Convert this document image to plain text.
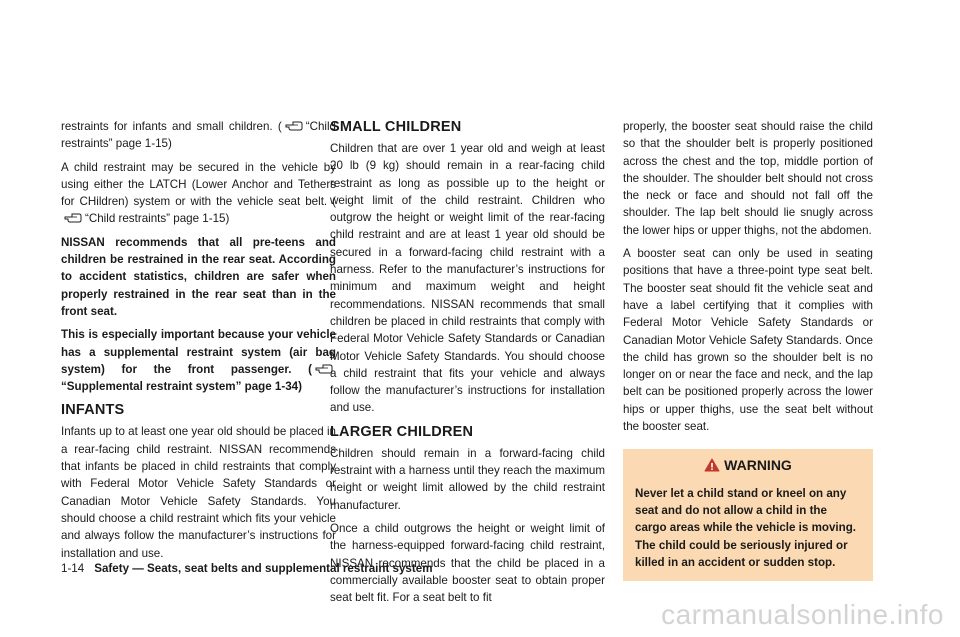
restraints for infants and small children. ( “Child restraints” page 1-15)

A child restraint may be secured in the vehicle by using either the LATCH (Lower Anchor and Tethers for CHildren) system or with the vehicle seat belt. (“Child restraints” page 1-15)

NISSAN recommends that all pre-teens and children be restrained in the rear seat. According to accident statistics, children are safer when properly restrained in the rear seat than in the front seat.

This is especially important because your vehicle has a supplemental restraint system (air bag system) for the front passenger. (“Supplemental restraint system” page 1-34)

INFANTS

Infants up to at least one year old should be placed in a rear-facing child restraint. NISSAN recommends that infants be placed in child restraints that comply with Federal Motor Vehicle Safety Standards or Canadian Motor Vehicle Safety Standards. You should choose a child restraint which fits your vehicle and always follow the manufacturer’s instructions for installation and use.

SMALL CHILDREN

Children that are over 1 year old and weigh at least 20 lb (9 kg) should remain in a rear-facing child restraint as long as possible up to the height or weight limit of the child restraint. Children who outgrow the height or weight limit of the rear-facing child restraint and are at least 1 year old should be secured in a forward-facing child restraint with a harness. Refer to the manufacturer’s instructions for minimum and maximum weight and height recommendations. NISSAN recommends that small children be placed in child restraints that comply with Federal Motor Vehicle Safety Standards or Canadian Motor Vehicle Safety Standards. You should choose a child restraint that fits your vehicle and always follow the manufacturer’s instructions for installation and use.

LARGER CHILDREN

Children should remain in a forward-facing child restraint with a harness until they reach the maximum height or weight limit allowed by the child restraint manufacturer.

Once a child outgrows the height or weight limit of the harness-equipped forward-facing child restraint, NISSAN recommends that the child be placed in a commercially available booster seat to obtain proper seat belt fit. For a seat belt to fit

properly, the booster seat should raise the child so that the shoulder belt is properly positioned across the chest and the top, middle portion of the shoulder. The shoulder belt should not cross the neck or face and should not fall off the shoulder. The lap belt should lie snugly across the lower hips or upper thighs, not the abdomen.

A booster seat can only be used in seating positions that have a three-point type seat belt. The booster seat should fit the vehicle seat and have a label certifying that it complies with Federal Motor Vehicle Safety Standards or Canadian Motor Vehicle Safety Standards. Once the child has grown so the shoulder belt is no longer on or near the face and neck, and the lap belt can be positioned properly across the lower hips or upper thighs, use the seat belt without the booster seat.

WARNING
Never let a child stand or kneel on any seat and do not allow a child in the cargo areas while the vehicle is moving. The child could be seriously injured or killed in an accident or sudden stop.
1-14 Safety — Seats, seat belts and supplemental restraint system
carmanualsonline.info
